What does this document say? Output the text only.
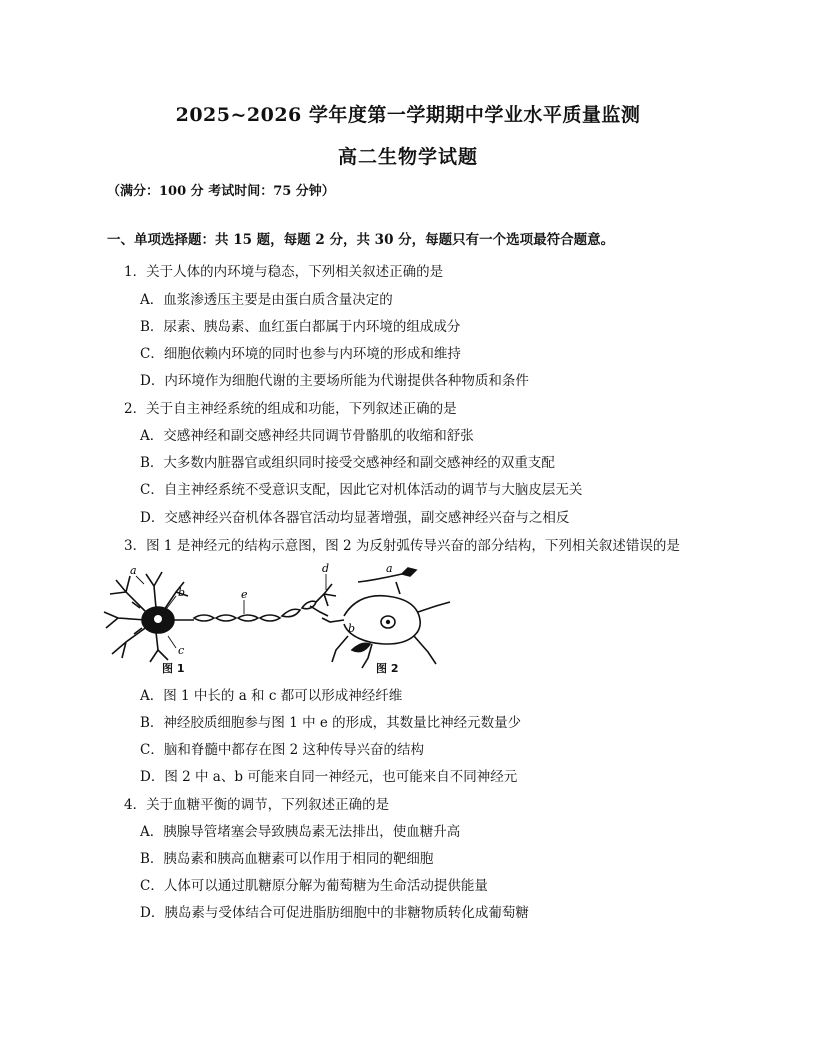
2025~2026 学年度第一学期期中学业水平质量监测
高二生物学试题
（满分：100 分 考试时间：75 分钟）
一、单项选择题：共 15 题，每题 2 分，共 30 分，每题只有一个选项最符合题意。
1．关于人体的内环境与稳态，下列相关叙述正确的是
A．血浆渗透压主要是由蛋白质含量决定的
B．尿素、胰岛素、血红蛋白都属于内环境的组成成分
C．细胞依赖内环境的同时也参与内环境的形成和维持
D．内环境作为细胞代谢的主要场所能为代谢提供各种物质和条件
2．关于自主神经系统的组成和功能，下列叙述正确的是
A．交感神经和副交感神经共同调节骨骼肌的收缩和舒张
B．大多数内脏器官或组织同时接受交感神经和副交感神经的双重支配
C．自主神经系统不受意识支配，因此它对机体活动的调节与大脑皮层无关
D．交感神经兴奋机体各器官活动均显著增强，副交感神经兴奋与之相反
3．图 1 是神经元的结构示意图，图 2 为反射弧传导兴奋的部分结构，下列相关叙述错误的是
a
b
c
d
e
a
b
图 1	图 2
A．图 1 中长的 a 和 c 都可以形成神经纤维
B．神经胶质细胞参与图 1 中 e 的形成，其数量比神经元数量少
C．脑和脊髓中都存在图 2 这种传导兴奋的结构
D．图 2 中 a、b 可能来自同一神经元，也可能来自不同神经元
4．关于血糖平衡的调节，下列叙述正确的是
A．胰腺导管堵塞会导致胰岛素无法排出，使血糖升高
B．胰岛素和胰高血糖素可以作用于相同的靶细胞
C．人体可以通过肌糖原分解为葡萄糖为生命活动提供能量
D．胰岛素与受体结合可促进脂肪细胞中的非糖物质转化成葡萄糖
